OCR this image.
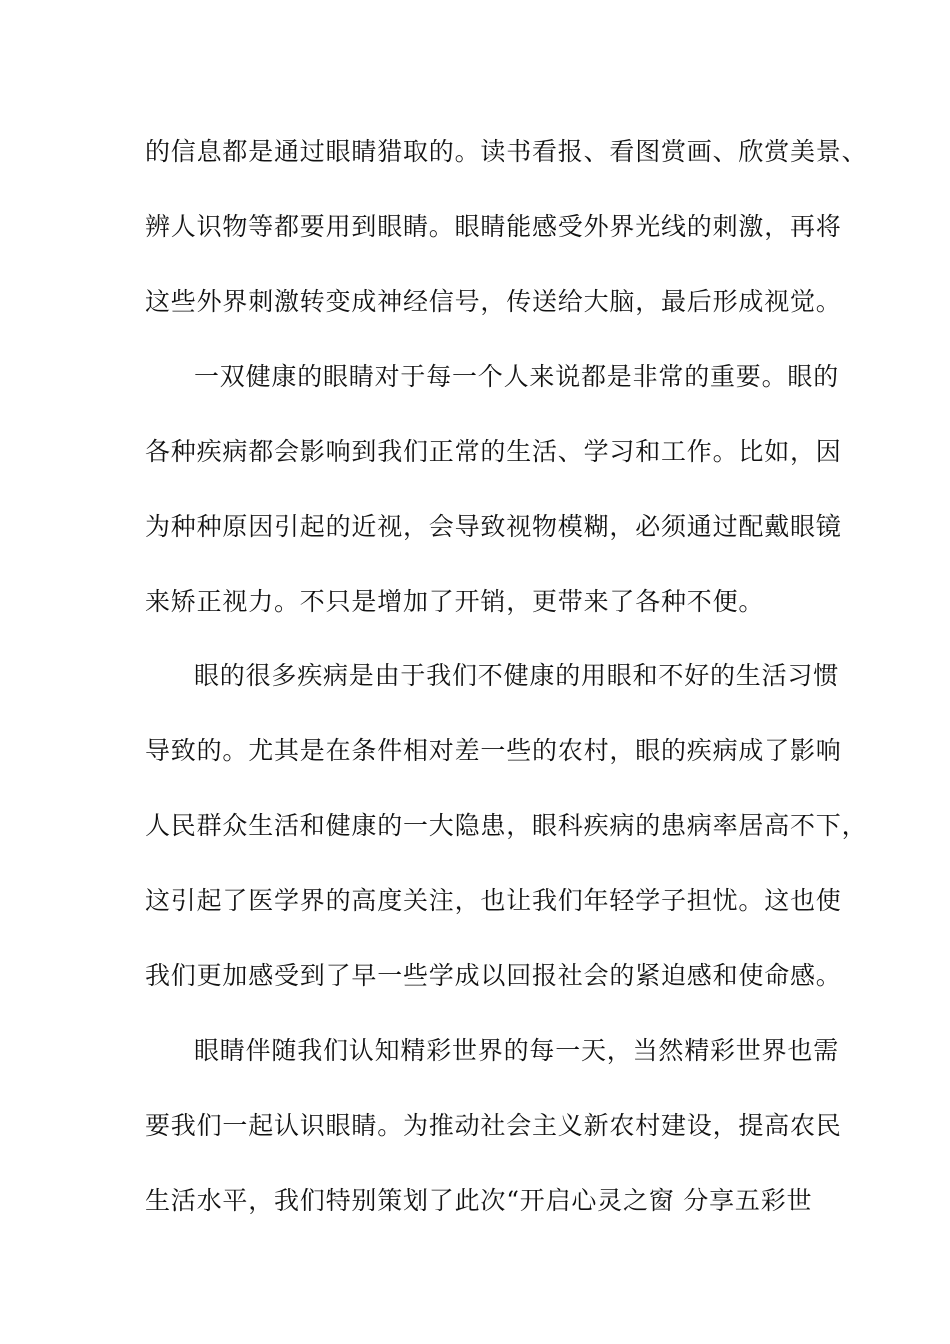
的信息都是通过眼睛猎取的。读书看报、看图赏画、欣赏美景、
辨人识物等都要用到眼睛。眼睛能感受外界光线的刺激，再将
这些外界刺激转变成神经信号，传送给大脑，最后形成视觉。
一双健康的眼睛对于每一个人来说都是非常的重要。眼的
各种疾病都会影响到我们正常的生活、学习和工作。比如，因
为种种原因引起的近视，会导致视物模糊，必须通过配戴眼镜
来矫正视力。不只是增加了开销，更带来了各种不便。
眼的很多疾病是由于我们不健康的用眼和不好的生活习惯
导致的。尤其是在条件相对差一些的农村，眼的疾病成了影响
人民群众生活和健康的一大隐患，眼科疾病的患病率居高不下，
这引起了医学界的高度关注，也让我们年轻学子担忧。这也使
我们更加感受到了早一些学成以回报社会的紧迫感和使命感。
眼睛伴随我们认知精彩世界的每一天，当然精彩世界也需
要我们一起认识眼睛。为推动社会主义新农村建设，提高农民
生活水平，我们特别策划了此次“开启心灵之窗 分享五彩世
